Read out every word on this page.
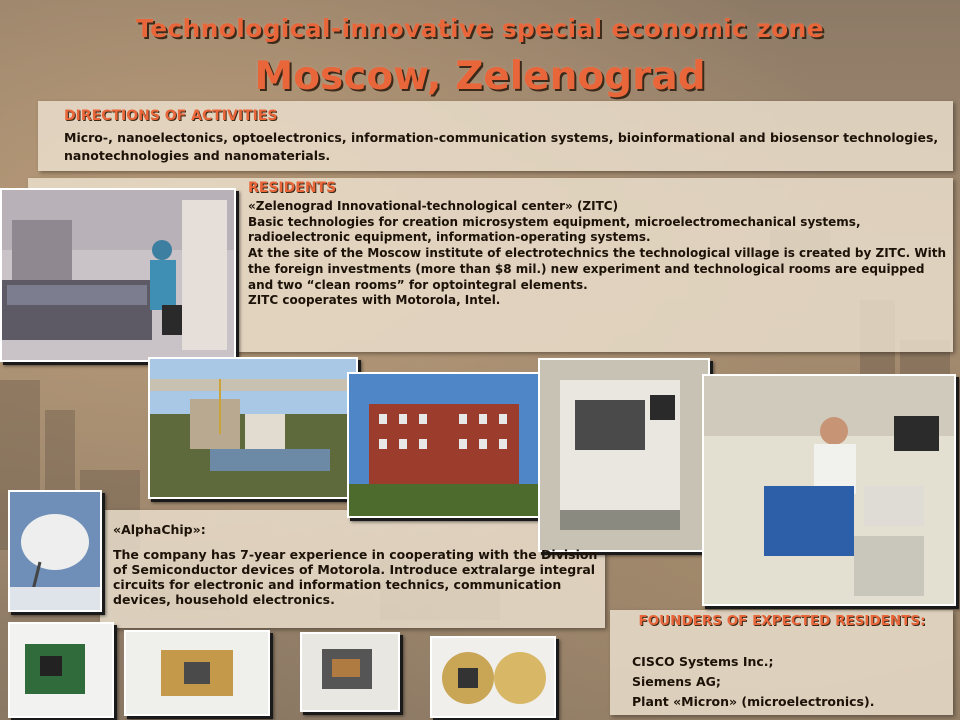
Technological-innovative special economic zone
Moscow, Zelenograd
DIRECTIONS OF ACTIVITIES
Micro-, nanoelectonics, optoelectronics, information-communication systems, bioinformational and biosensor technologies, nanotechnologies and nanomaterials.
RESIDENTS
«Zelenograd Innovational-technological center» (ZITC)
Basic technologies for creation microsystem equipment, microelectromechanical systems, radioelectronic equipment, information-operating systems.
At the site of the Moscow institute of electrotechnics the technological village is created by ZITC. With the foreign investments (more than $8 mil.) new experiment and technological rooms are equipped and two “clean rooms” for optointegral elements.
ZITC cooperates with Motorola, Intel.
«AlphaChip»:
The company has 7-year experience in cooperating with the Division of Semiconductor devices of Motorola. Introduce extralarge integral circuits for electronic and information technics, communication devices, household electronics.
FOUNDERS OF EXPECTED RESIDENTS:
CISCO Systems Inc.;
Siemens AG;
Plant «Micron» (microelectronics).
